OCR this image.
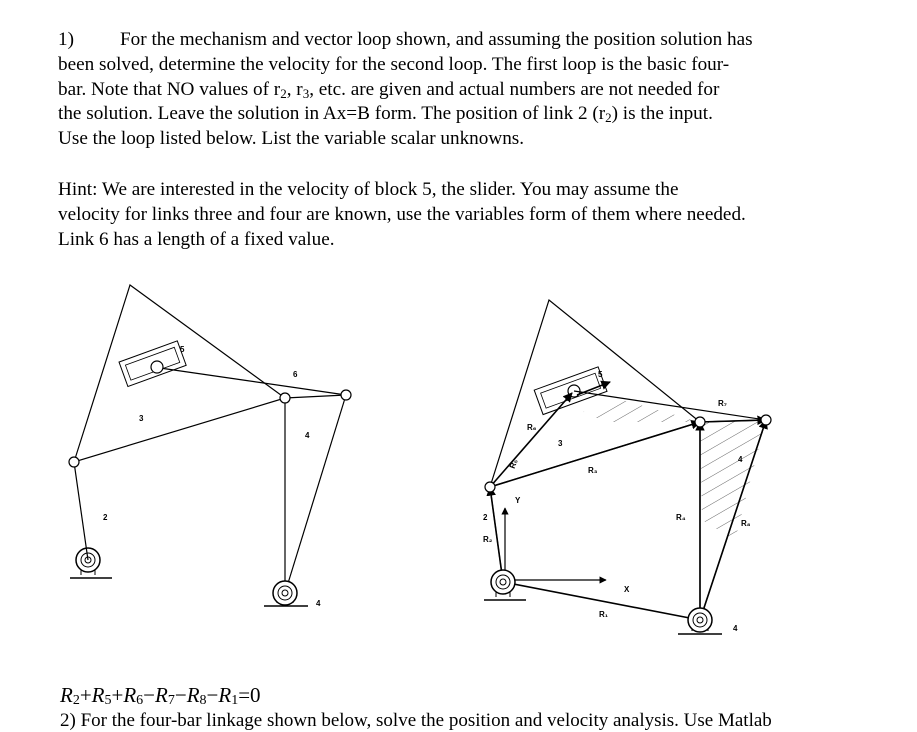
1) For the mechanism and vector loop shown, and assuming the position solution has
been solved, determine the velocity for the second loop. The first loop is the basic four-
bar. Note that NO values of $r_2$, $r_3$, etc. are given and actual numbers are not needed for
the solution. Leave the solution in Ax=B form. The position of link 2 $(r_2)$ is the input.
Use the loop listed below. List the variable scalar unknowns.
Hint: We are interested in the velocity of block 5, the slider. You may assume the
velocity for links three and four are known, use the variables form of them where needed.
Link 6 has a length of a fixed value.
2
3
5
6
4
4
2
R₂
3
5
R₆
R₅
R₃
R₇
4
R₄
R₈
Y
X
R₁
4
R2+R5+R6−R7−R8−R1=0
2) For the four-bar linkage shown below, solve the position and velocity analysis. Use Matlab
